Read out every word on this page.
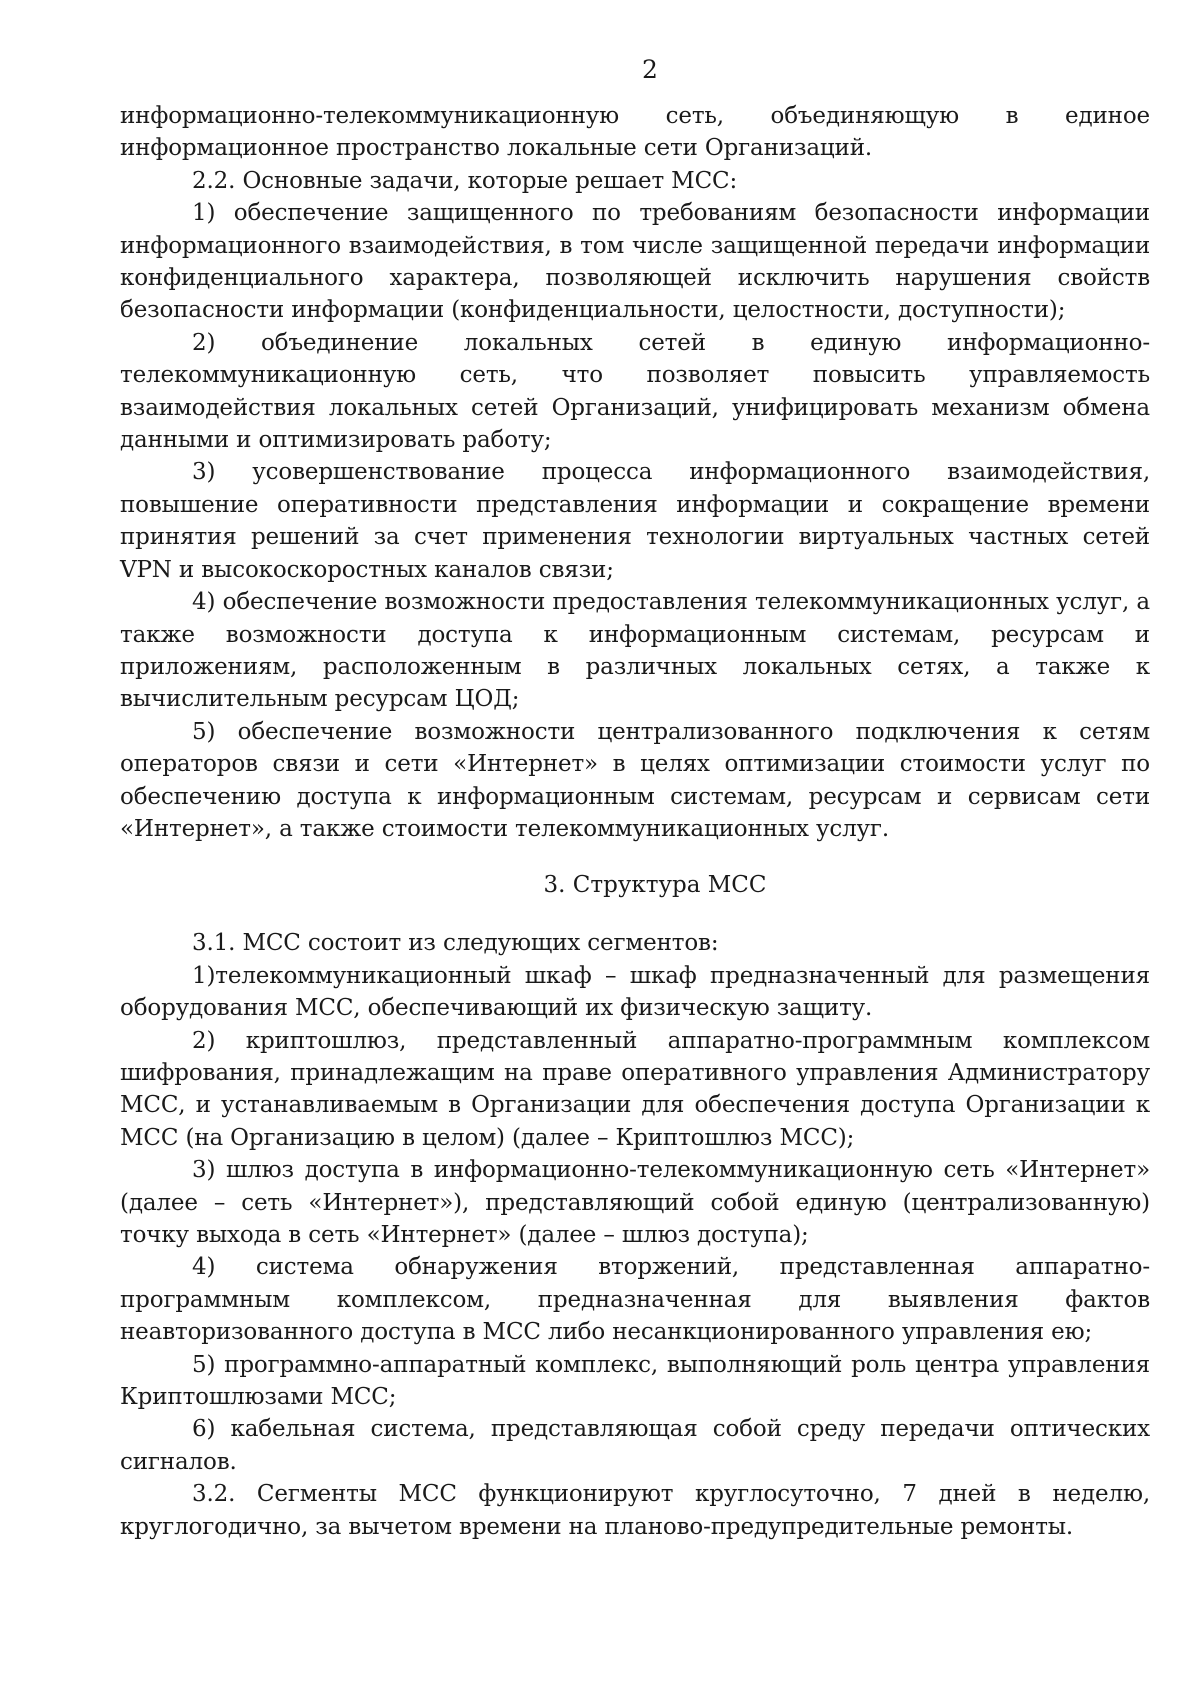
2

информационно-телекоммуникационную сеть, объединяющую в единое информационное пространство локальные сети Организаций.

2.2. Основные задачи, которые решает МСС:

1) обеспечение защищенного по требованиям безопасности информации информационного взаимодействия, в том числе защищенной передачи информации конфиденциального характера, позволяющей исключить нарушения свойств безопасности информации (конфиденциальности, целостности, доступности);

2) объединение локальных сетей в единую информационно-телекоммуникационную сеть, что позволяет повысить управляемость взаимодействия локальных сетей Организаций, унифицировать механизм обмена данными и оптимизировать работу;

3) усовершенствование процесса информационного взаимодействия, повышение оперативности представления информации и сокращение времени принятия решений за счет применения технологии виртуальных частных сетей VPN и высокоскоростных каналов связи;

4) обеспечение возможности предоставления телекоммуникационных услуг, а также возможности доступа к информационным системам, ресурсам и приложениям, расположенным в различных локальных сетях, а также к вычислительным ресурсам ЦОД;

5) обеспечение возможности централизованного подключения к сетям операторов связи и сети «Интернет» в целях оптимизации стоимости услуг по обеспечению доступа к информационным системам, ресурсам и сервисам сети «Интернет», а также стоимости телекоммуникационных услуг.

3. Структура МСС

3.1. МСС состоит из следующих сегментов:

1)телекоммуникационный шкаф – шкаф предназначенный для размещения оборудования МСС, обеспечивающий их физическую защиту.

2) криптошлюз, представленный аппаратно-программным комплексом шифрования, принадлежащим на праве оперативного управления Администратору МСС, и устанавливаемым в Организации для обеспечения доступа Организации к МСС (на Организацию в целом) (далее – Криптошлюз МСС);

3) шлюз доступа в информационно-телекоммуникационную сеть «Интернет» (далее – сеть «Интернет»), представляющий собой единую (централизованную) точку выхода в сеть «Интернет» (далее – шлюз доступа);

4) система обнаружения вторжений, представленная аппаратно-программным комплексом, предназначенная для выявления фактов неавторизованного доступа в МСС либо несанкционированного управления ею;

5) программно-аппаратный комплекс, выполняющий роль центра управления Криптошлюзами МСС;

6) кабельная система, представляющая собой среду передачи оптических сигналов.

3.2. Сегменты МСС функционируют круглосуточно, 7 дней в неделю, круглогодично, за вычетом времени на планово-предупредительные ремонты.
